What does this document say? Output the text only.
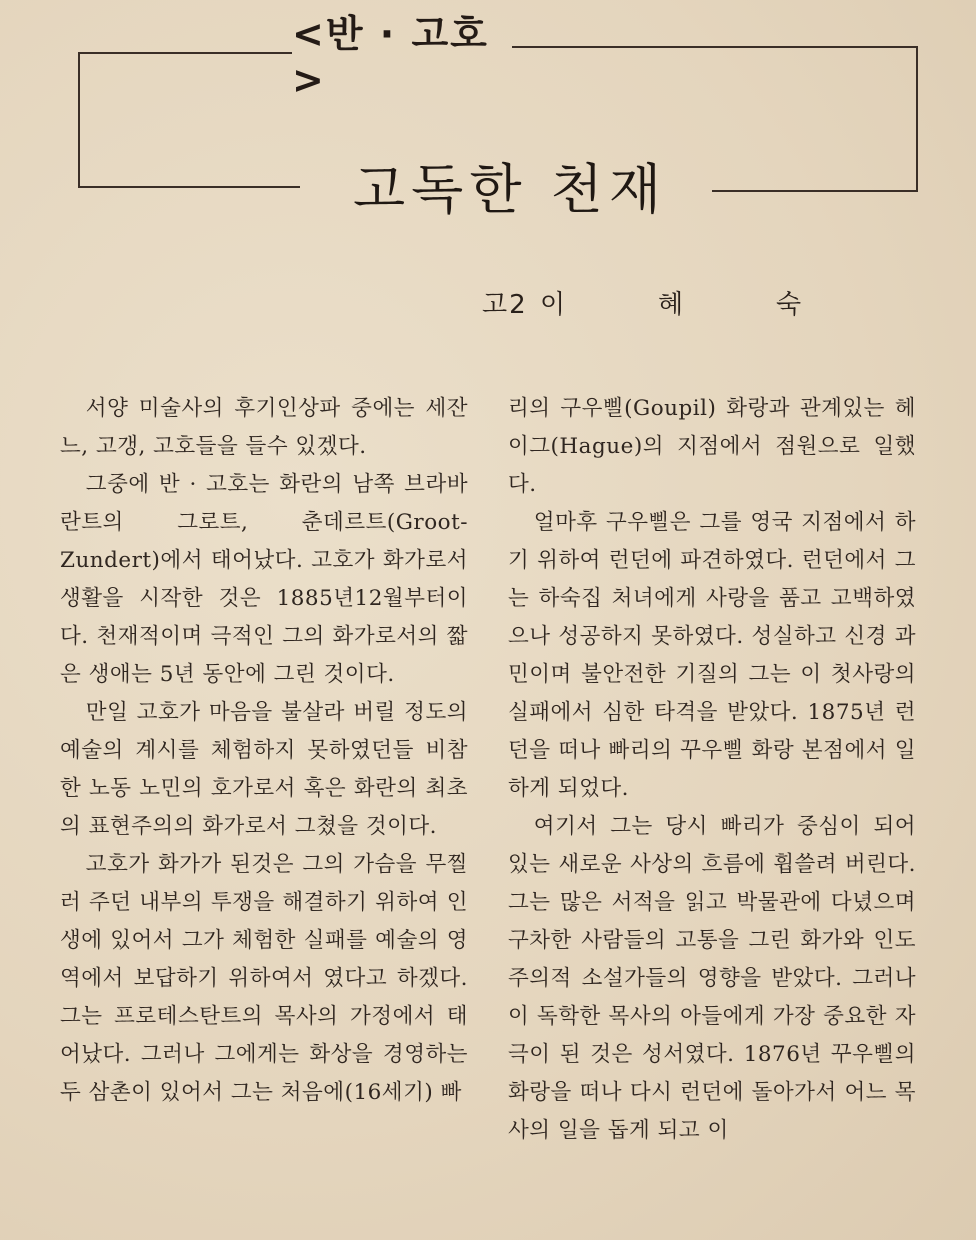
<반 · 고호>
고독한 천재
고2 이	혜	숙

서양 미술사의 후기인상파 중에는 세잔느, 고갱, 고호들을 들수 있겠다.

그중에 반 · 고호는 화란의 남쪽 브라바란트의 그로트, 춘데르트(Groot-Zundert)에서 태어났다. 고호가 화가로서 생활을 시작한 것은 1885년12월부터이다. 천재적이며 극적인 그의 화가로서의 짧은 생애는 5년 동안에 그린 것이다.

만일 고호가 마음을 불살라 버릴 정도의 예술의 계시를 체험하지 못하였던들 비참한 노동 노민의 호가로서 혹은 화란의 최초의 표현주의의 화가로서 그쳤을 것이다.

고호가 화가가 된것은 그의 가슴을 무찔러 주던 내부의 투쟁을 해결하기 위하여 인생에 있어서 그가 체험한 실패를 예술의 영역에서 보답하기 위하여서 였다고 하겠다. 그는 프로테스탄트의 목사의 가정에서 태어났다. 그러나 그에게는 화상을 경영하는 두 삼촌이 있어서 그는 처음에(16세기) 빠

리의 구우삘(Goupil) 화랑과 관계있는 헤이그(Hague)의 지점에서 점원으로 일했다.

얼마후 구우삘은 그를 영국 지점에서 하기 위하여 런던에 파견하였다. 런던에서 그는 하숙집 처녀에게 사랑을 품고 고백하였으나 성공하지 못하였다. 성실하고 신경 과민이며 불안전한 기질의 그는 이 첫사랑의 실패에서 심한 타격을 받았다. 1875년 런던을 떠나 빠리의 꾸우삘 화랑 본점에서 일하게 되었다.

여기서 그는 당시 빠리가 중심이 되어 있는 새로운 사상의 흐름에 휩쓸려 버린다. 그는 많은 서적을 읽고 박물관에 다녔으며 구차한 사람들의 고통을 그린 화가와 인도주의적 소설가들의 영향을 받았다. 그러나 이 독학한 목사의 아들에게 가장 중요한 자극이 된 것은 성서였다. 1876년 꾸우삘의 화랑을 떠나 다시 런던에 돌아가서 어느 목사의 일을 돕게 되고 이
